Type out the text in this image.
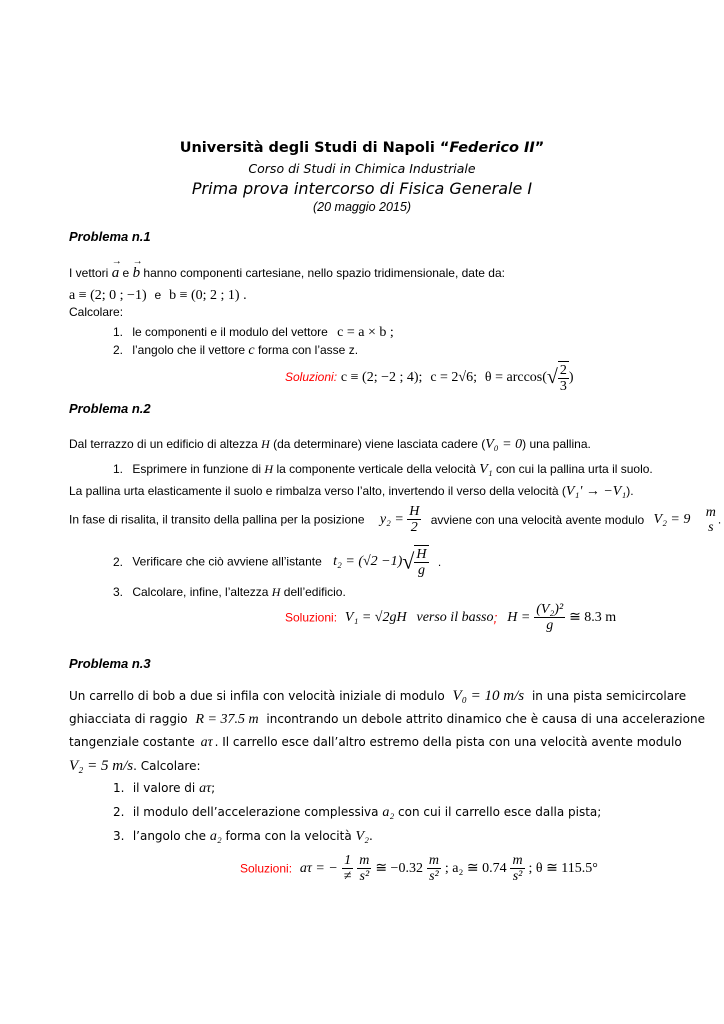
Università degli Studi di Napoli “Federico II”
Corso di Studi in Chimica Industriale
Prima prova intercorso di Fisica Generale I
(20 maggio 2015)
Problema n.1
I vettori → a e → b hanno componenti cartesiane, nello spazio tridimensionale, date da:
a ≡ (2; 0 ; −1) e b ≡ (0; 2 ; 1) .
Calcolare:
1. le componenti e il modulo del vettore c = a × b ;
2. l’angolo che il vettore c forma con l’asse z.
Soluzioni: c ≡ (2; −2 ; 4); c = 2√6; $\theta = \arccos(√ \frac{2}{3}$ )
Problema n.2
Dal terrazzo di un edificio di altezza H (da determinare) viene lasciata cadere (V₀ = 0) una pallina.
1. Esprimere in funzione di H la componente verticale della velocità V₁ con cui la pallina urta il suolo.
La pallina urta elasticamente il suolo e rimbalza verso l’alto, invertendo il verso della velocità (V₁' → −V₁).
In fase di risalita, il transito della pallina per la posizione $y_2 = \frac{H}{2}$ avviene con una velocità avente modulo V₂ = 9 m
s .
2. Verificare che ciò avviene all’istante $t_2 = (√2 -1)√ \frac{H}{g}$ .
3. Calcolare, infine, l’altezza H dell’edificio.
Soluzioni: V₁ = √2gH verso il basso; $H = \frac{\text{(V₂)²}}{g}$ ≅ 8.3 m
Problema n.3
Un carrello di bob a due si infila con velocità iniziale di modulo V₀ = 10 m/s in una pista semicircolare
ghiacciata di raggio R = 37.5 m incontrando un debole attrito dinamico che è causa di una accelerazione
tangenziale costante aτ . Il carrello esce dall’altro estremo della pista con una velocità avente modulo
V₂ = 5 m/s. Calcolare:
1. il valore di aτ;
2. il modulo dell’accelerazione complessiva a₂ con cui il carrello esce dalla pista;
3. l’angolo che a₂ forma con la velocità V₂.
Soluzioni: aτ = − $\frac{1}{\ne}$
$\frac{m}{\text{s²}}$ ≅ $-0.32 \frac{m}{\text{s²}}$ ; a₂ ≅ $0.74 \frac{m}{\text{s²}}$ ; θ ≅ 115.5°
